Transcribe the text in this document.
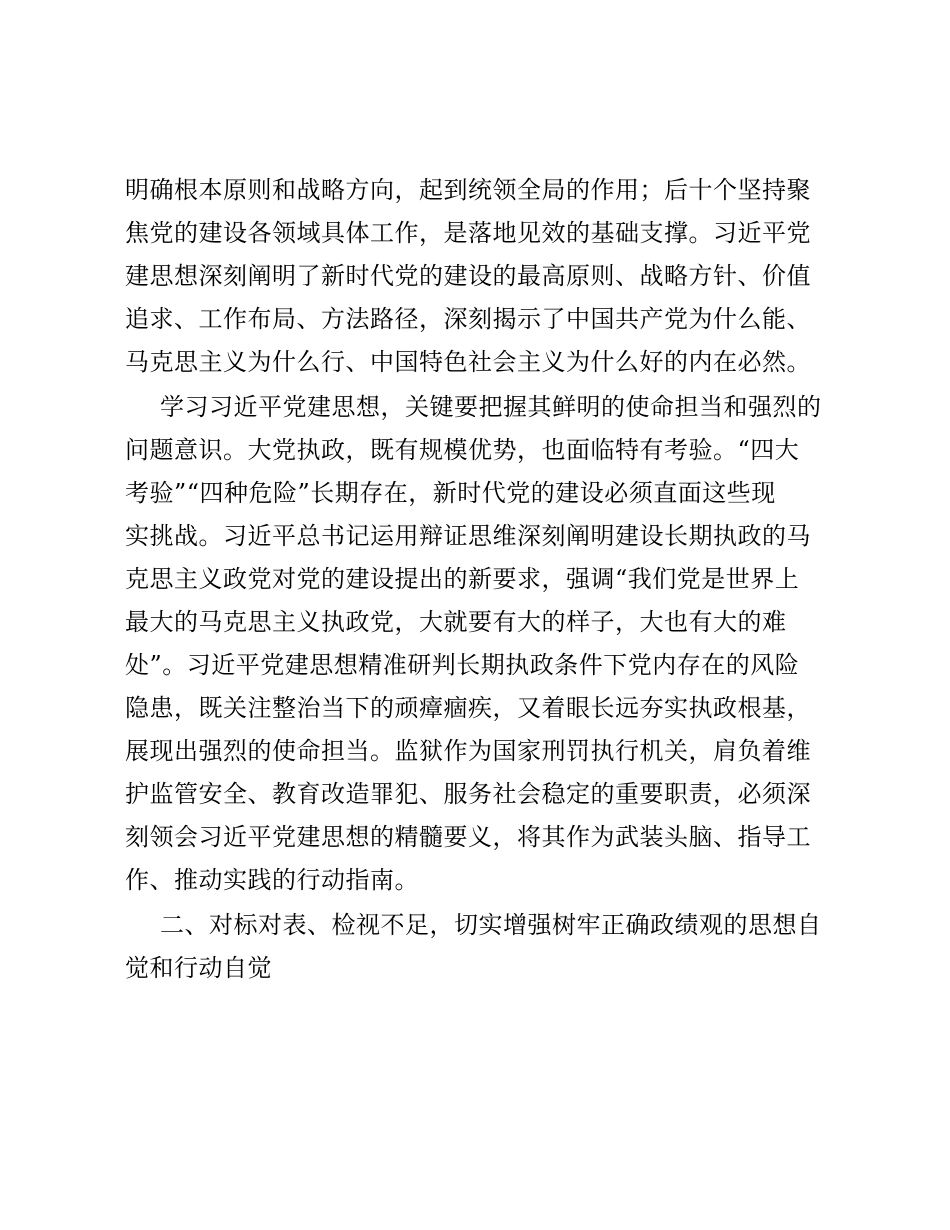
明确根本原则和战略方向，起到统领全局的作用；后十个坚持聚
焦党的建设各领域具体工作，是落地见效的基础支撑。习近平党
建思想深刻阐明了新时代党的建设的最高原则、战略方针、价值
追求、工作布局、方法路径，深刻揭示了中国共产党为什么能、
马克思主义为什么行、中国特色社会主义为什么好的内在必然。
学习习近平党建思想，关键要把握其鲜明的使命担当和强烈的
问题意识。大党执政，既有规模优势，也面临特有考验。“四大
考验”“四种危险”长期存在，新时代党的建设必须直面这些现
实挑战。习近平总书记运用辩证思维深刻阐明建设长期执政的马
克思主义政党对党的建设提出的新要求，强调“我们党是世界上
最大的马克思主义执政党，大就要有大的样子，大也有大的难
处”。习近平党建思想精准研判长期执政条件下党内存在的风险
隐患，既关注整治当下的顽瘴痼疾，又着眼长远夯实执政根基，
展现出强烈的使命担当。监狱作为国家刑罚执行机关，肩负着维
护监管安全、教育改造罪犯、服务社会稳定的重要职责，必须深
刻领会习近平党建思想的精髓要义，将其作为武装头脑、指导工
作、推动实践的行动指南。
二、对标对表、检视不足，切实增强树牢正确政绩观的思想自
觉和行动自觉
